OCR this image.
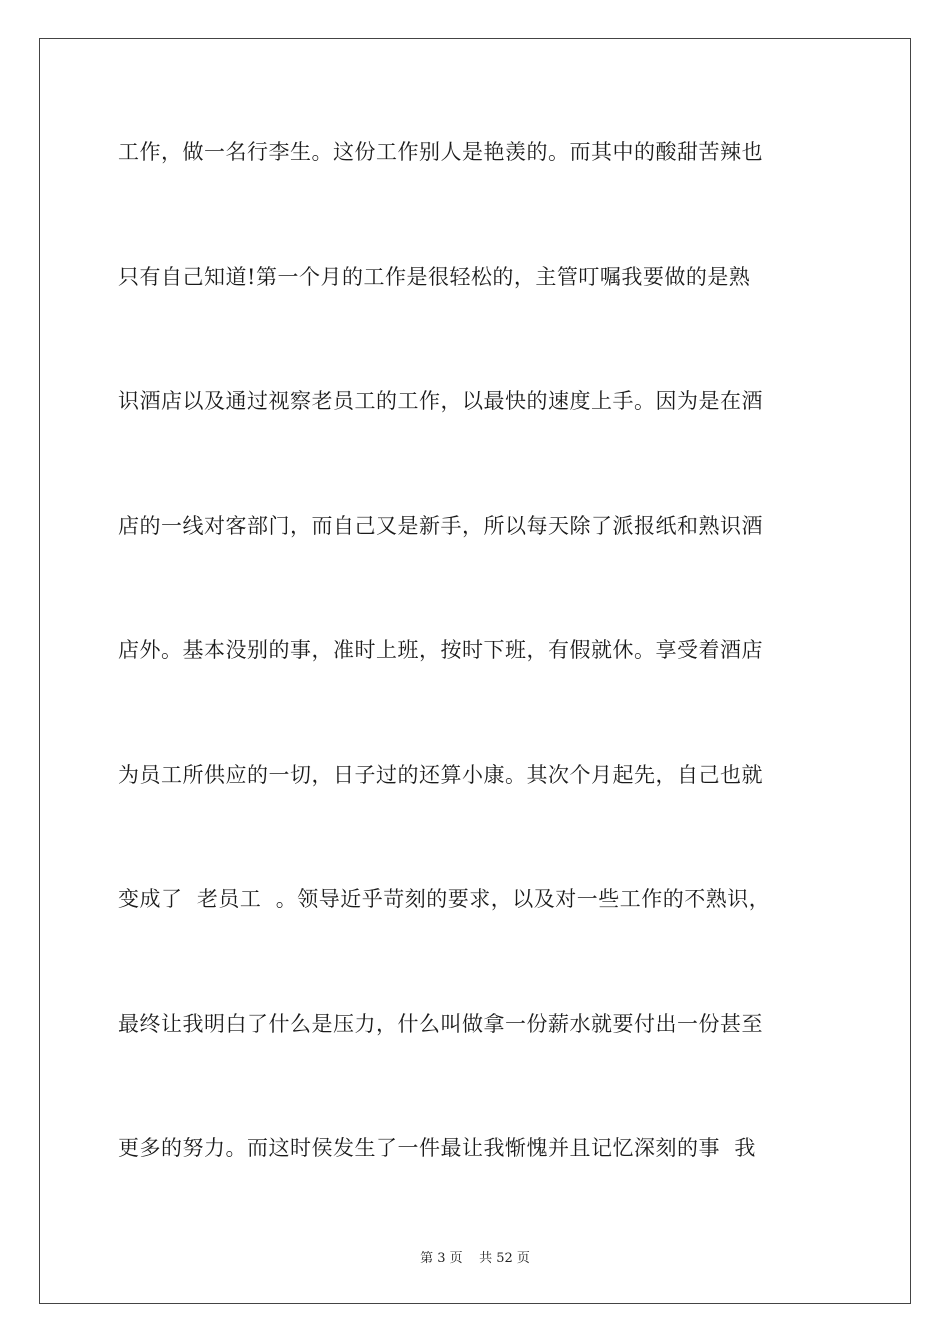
工作，做一名行李生。这份工作别人是艳羡的。而其中的酸甜苦辣也
只有自己知道!第一个月的工作是很轻松的，主管叮嘱我要做的是熟
识酒店以及通过视察老员工的工作，以最快的速度上手。因为是在酒
店的一线对客部门，而自己又是新手，所以每天除了派报纸和熟识酒
店外。基本没别的事，准时上班，按时下班，有假就休。享受着酒店
为员工所供应的一切，日子过的还算小康。其次个月起先，自己也就
变成了  老员工  。领导近乎苛刻的要求，以及对一些工作的不熟识，
最终让我明白了什么是压力，什么叫做拿一份薪水就要付出一份甚至
更多的努力。而这时侯发生了一件最让我惭愧并且记忆深刻的事  我
第 3 页    共 52 页
